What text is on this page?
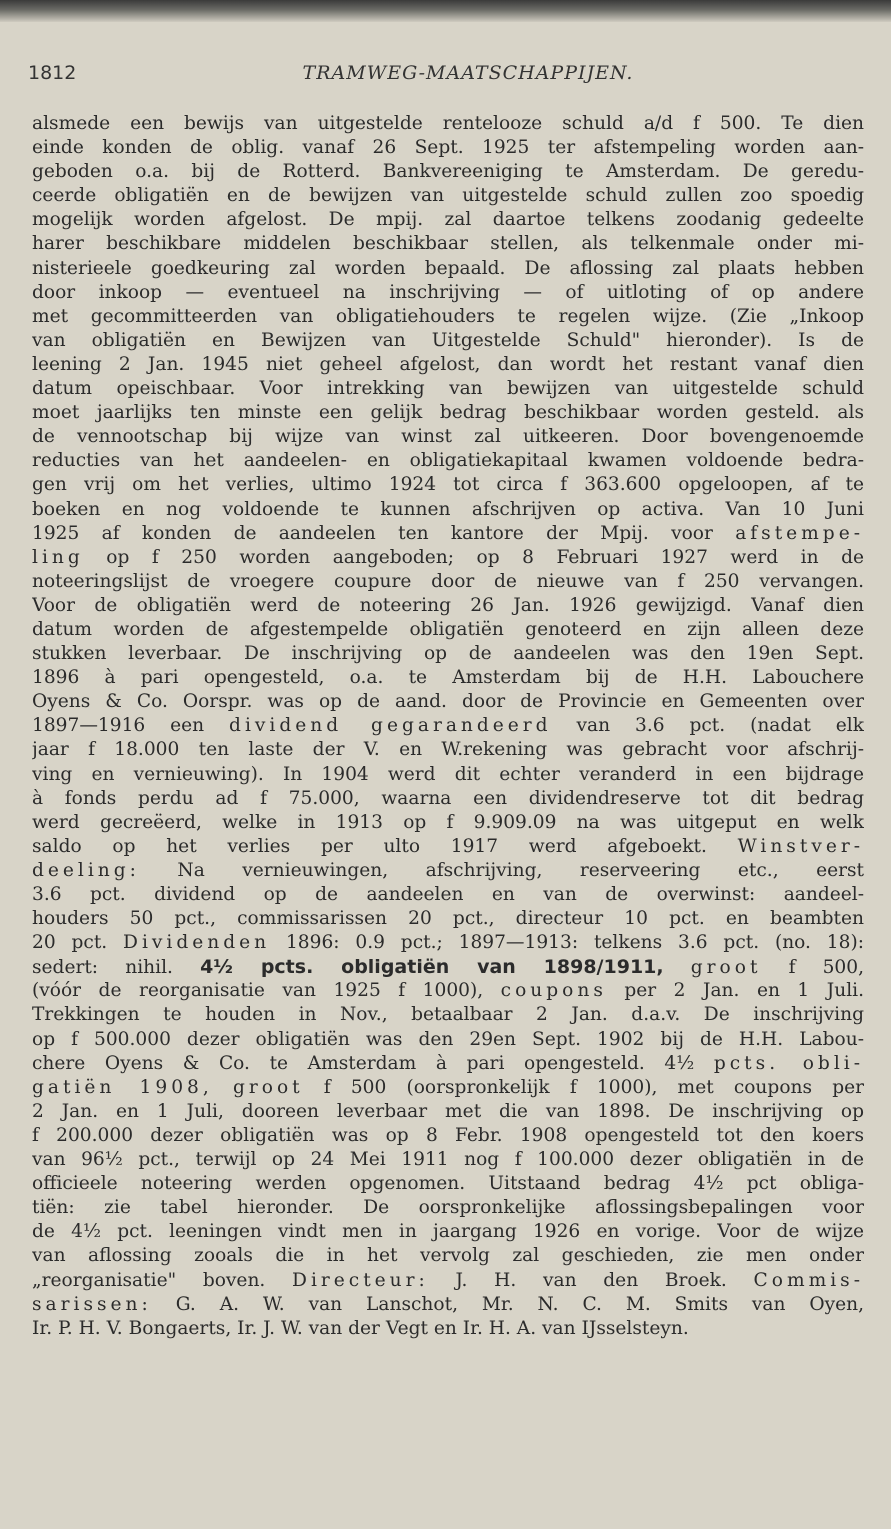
1812	TRAMWEG-MAATSCHAPPIJEN.
alsmede een bewijs van uitgestelde rentelooze schuld a/d f 500. Te dien
einde konden de oblig. vanaf 26 Sept. 1925 ter afstempeling worden aan-
geboden o.a. bij de Rotterd. Bankvereeniging te Amsterdam. De geredu-
ceerde obligatiën en de bewijzen van uitgestelde schuld zullen zoo spoedig
mogelijk worden afgelost. De mpij. zal daartoe telkens zoodanig gedeelte
harer beschikbare middelen beschikbaar stellen, als telkenmale onder mi-
nisterieele goedkeuring zal worden bepaald. De aflossing zal plaats hebben
door inkoop — eventueel na inschrijving — of uitloting of op andere
met gecommitteerden van obligatiehouders te regelen wijze. (Zie „Inkoop
van obligatiën en Bewijzen van Uitgestelde Schuld" hieronder). Is de
leening 2 Jan. 1945 niet geheel afgelost, dan wordt het restant vanaf dien
datum opeischbaar. Voor intrekking van bewijzen van uitgestelde schuld
moet jaarlijks ten minste een gelijk bedrag beschikbaar worden gesteld. als
de vennootschap bij wijze van winst zal uitkeeren. Door bovengenoemde
reducties van het aandeelen- en obligatiekapitaal kwamen voldoende bedra-
gen vrij om het verlies, ultimo 1924 tot circa f 363.600 opgeloopen, af te
boeken en nog voldoende te kunnen afschrijven op activa. Van 10 Juni
1925 af konden de aandeelen ten kantore der Mpij. voor afstempe-
ling op f 250 worden aangeboden; op 8 Februari 1927 werd in de
noteeringslijst de vroegere coupure door de nieuwe van f 250 vervangen.
Voor de obligatiën werd de noteering 26 Jan. 1926 gewijzigd. Vanaf dien
datum worden de afgestempelde obligatiën genoteerd en zijn alleen deze
stukken leverbaar. De inschrijving op de aandeelen was den 19en Sept.
1896 à pari opengesteld, o.a. te Amsterdam bij de H.H. Labouchere
Oyens & Co. Oorspr. was op de aand. door de Provincie en Gemeenten over
1897—1916 een dividend gegarandeerd van 3.6 pct. (nadat elk
jaar f 18.000 ten laste der V. en W.rekening was gebracht voor afschrij-
ving en vernieuwing). In 1904 werd dit echter veranderd in een bijdrage
à fonds perdu ad f 75.000, waarna een dividendreserve tot dit bedrag
werd gecreëerd, welke in 1913 op f 9.909.09 na was uitgeput en welk
saldo op het verlies per ulto 1917 werd afgeboekt. Winstver-
deeling: Na vernieuwingen, afschrijving, reserveering etc., eerst
3.6 pct. dividend op de aandeelen en van de overwinst: aandeel-
houders 50 pct., commissarissen 20 pct., directeur 10 pct. en beambten
20 pct. Dividenden 1896: 0.9 pct.; 1897—1913: telkens 3.6 pct. (no. 18):
sedert: nihil. 4½ pcts. obligatiën van 1898/1911, groot f 500,
(vóór de reorganisatie van 1925 f 1000), coupons per 2 Jan. en 1 Juli.
Trekkingen te houden in Nov., betaalbaar 2 Jan. d.a.v. De inschrijving
op f 500.000 dezer obligatiën was den 29en Sept. 1902 bij de H.H. Labou-
chere Oyens & Co. te Amsterdam à pari opengesteld. 4½ pcts. obli-
gatiën 1908, groot f 500 (oorspronkelijk f 1000), met coupons per
2 Jan. en 1 Juli, dooreen leverbaar met die van 1898. De inschrijving op
f 200.000 dezer obligatiën was op 8 Febr. 1908 opengesteld tot den koers
van 96½ pct., terwijl op 24 Mei 1911 nog f 100.000 dezer obligatiën in de
officieele noteering werden opgenomen. Uitstaand bedrag 4½ pct obliga-
tiën: zie tabel hieronder. De oorspronkelijke aflossingsbepalingen voor
de 4½ pct. leeningen vindt men in jaargang 1926 en vorige. Voor de wijze
van aflossing zooals die in het vervolg zal geschieden, zie men onder
„reorganisatie" boven. Directeur: J. H. van den Broek. Commis-
sarissen: G. A. W. van Lanschot, Mr. N. C. M. Smits van Oyen,
Ir. P. H. V. Bongaerts, Ir. J. W. van der Vegt en Ir. H. A. van IJsselsteyn.
